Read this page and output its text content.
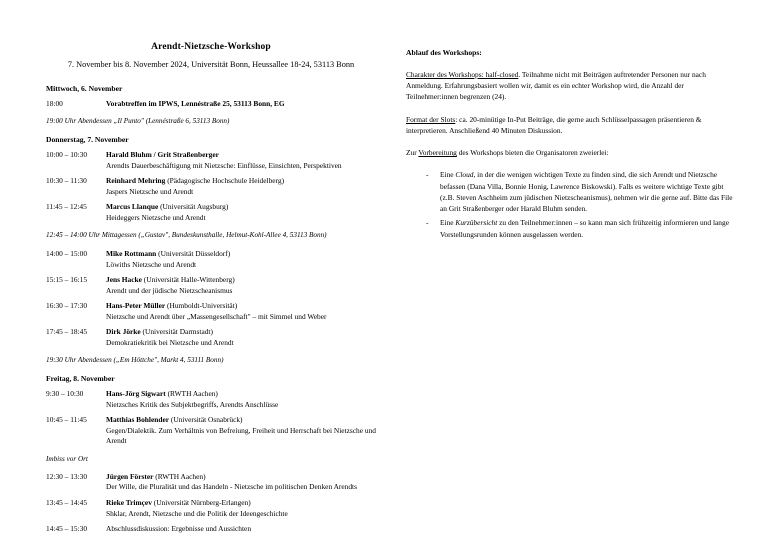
Arendt-Nietzsche-Workshop
7. November bis 8. November 2024, Universität Bonn, Heussallee 18-24, 53113 Bonn
Mittwoch, 6. November
18:00	Vorabtreffen im IPWS, Lennéstraße 25, 53113 Bonn, EG
19:00 Uhr Abendessen „Il Punto" (Lennéstraße 6, 53113 Bonn)
Donnerstag, 7. November
10:00 – 10:30	Harald Bluhm / Grit Straßenberger
Arendts Dauerbeschäftigung mit Nietzsche: Einflüsse, Einsichten, Perspektiven
10:30 – 11:30	Reinhard Mehring (Pädagogische Hochschule Heidelberg)
Jaspers Nietzsche und Arendt
11:45 – 12:45	Marcus Llanque (Universität Augsburg)
Heideggers Nietzsche und Arendt
12:45 – 14:00 Uhr Mittagessen („Gustav", Bundeskunsthalle, Helmut-Kohl-Allee 4, 53113 Bonn)
14:00 – 15:00	Mike Rottmann (Universität Düsseldorf)
Löwiths Nietzsche und Arendt
15:15 – 16:15	Jens Hacke (Universität Halle-Wittenberg)
Arendt und der jüdische Nietzscheanismus
16:30 – 17:30	Hans-Peter Müller (Humboldt-Universität)
Nietzsche und Arendt über „Massengesellschaft" – mit Simmel und Weber
17:45 – 18:45	Dirk Jörke (Universität Darmstadt)
Demokratiekritik bei Nietzsche und Arendt
19:30 Uhr Abendessen („Em Höttche", Markt 4, 53111 Bonn)
Freitag, 8. November
9:30 – 10:30	Hans-Jörg Sigwart (RWTH Aachen)
Nietzsches Kritik des Subjektbegriffs, Arendts Anschlüsse
10:45 – 11:45	Matthias Bohlender (Universität Osnabrück)
Gegen/Dialektik. Zum Verhältnis von Befreiung, Freiheit und Herrschaft bei Nietzsche und Arendt
Imbiss vor Ort
12:30 – 13:30	Jürgen Förster (RWTH Aachen)
Der Wille, die Pluralität und das Handeln - Nietzsche im politischen Denken Arendts
13:45 – 14:45	Rieke Trimçev (Universität Nürnberg-Erlangen)
Shklar, Arendt, Nietzsche und die Politik der Ideengeschichte
14:45 – 15:30	Abschlussdiskussion: Ergebnisse und Aussichten
Ablauf des Workshops:
Charakter des Workshops: half-closed. Teilnahme nicht mit Beiträgen auftretender Personen nur nach Anmeldung. Erfahrungsbasiert wollen wir, damit es ein echter Workshop wird, die Anzahl der Teilnehmer:innen begrenzen (24).
Format der Slots: ca. 20-minütige In-Put Beiträge, die gerne auch Schlüsselpassagen präsentieren & interpretieren. Anschließend 40 Minuten Diskussion.
Zur Vorbereitung des Workshops bieten die Organisatoren zweierlei:
-	Eine Cloud, in der die wenigen wichtigen Texte zu finden sind, die sich Arendt und Nietzsche befassen (Dana Villa, Bonnie Honig, Lawrence Biskowski). Falls es weitere wichtige Texte gibt (z.B. Steven Aschheim zum jüdischen Nietzscheanismus), nehmen wir die gerne auf. Bitte das File an Grit Straßenberger oder Harald Bluhm senden.
-	Eine Kurzübersicht zu den Teilnehmer:innen – so kann man sich frühzeitig informieren und lange Vorstellungsrunden können ausgelassen werden.
